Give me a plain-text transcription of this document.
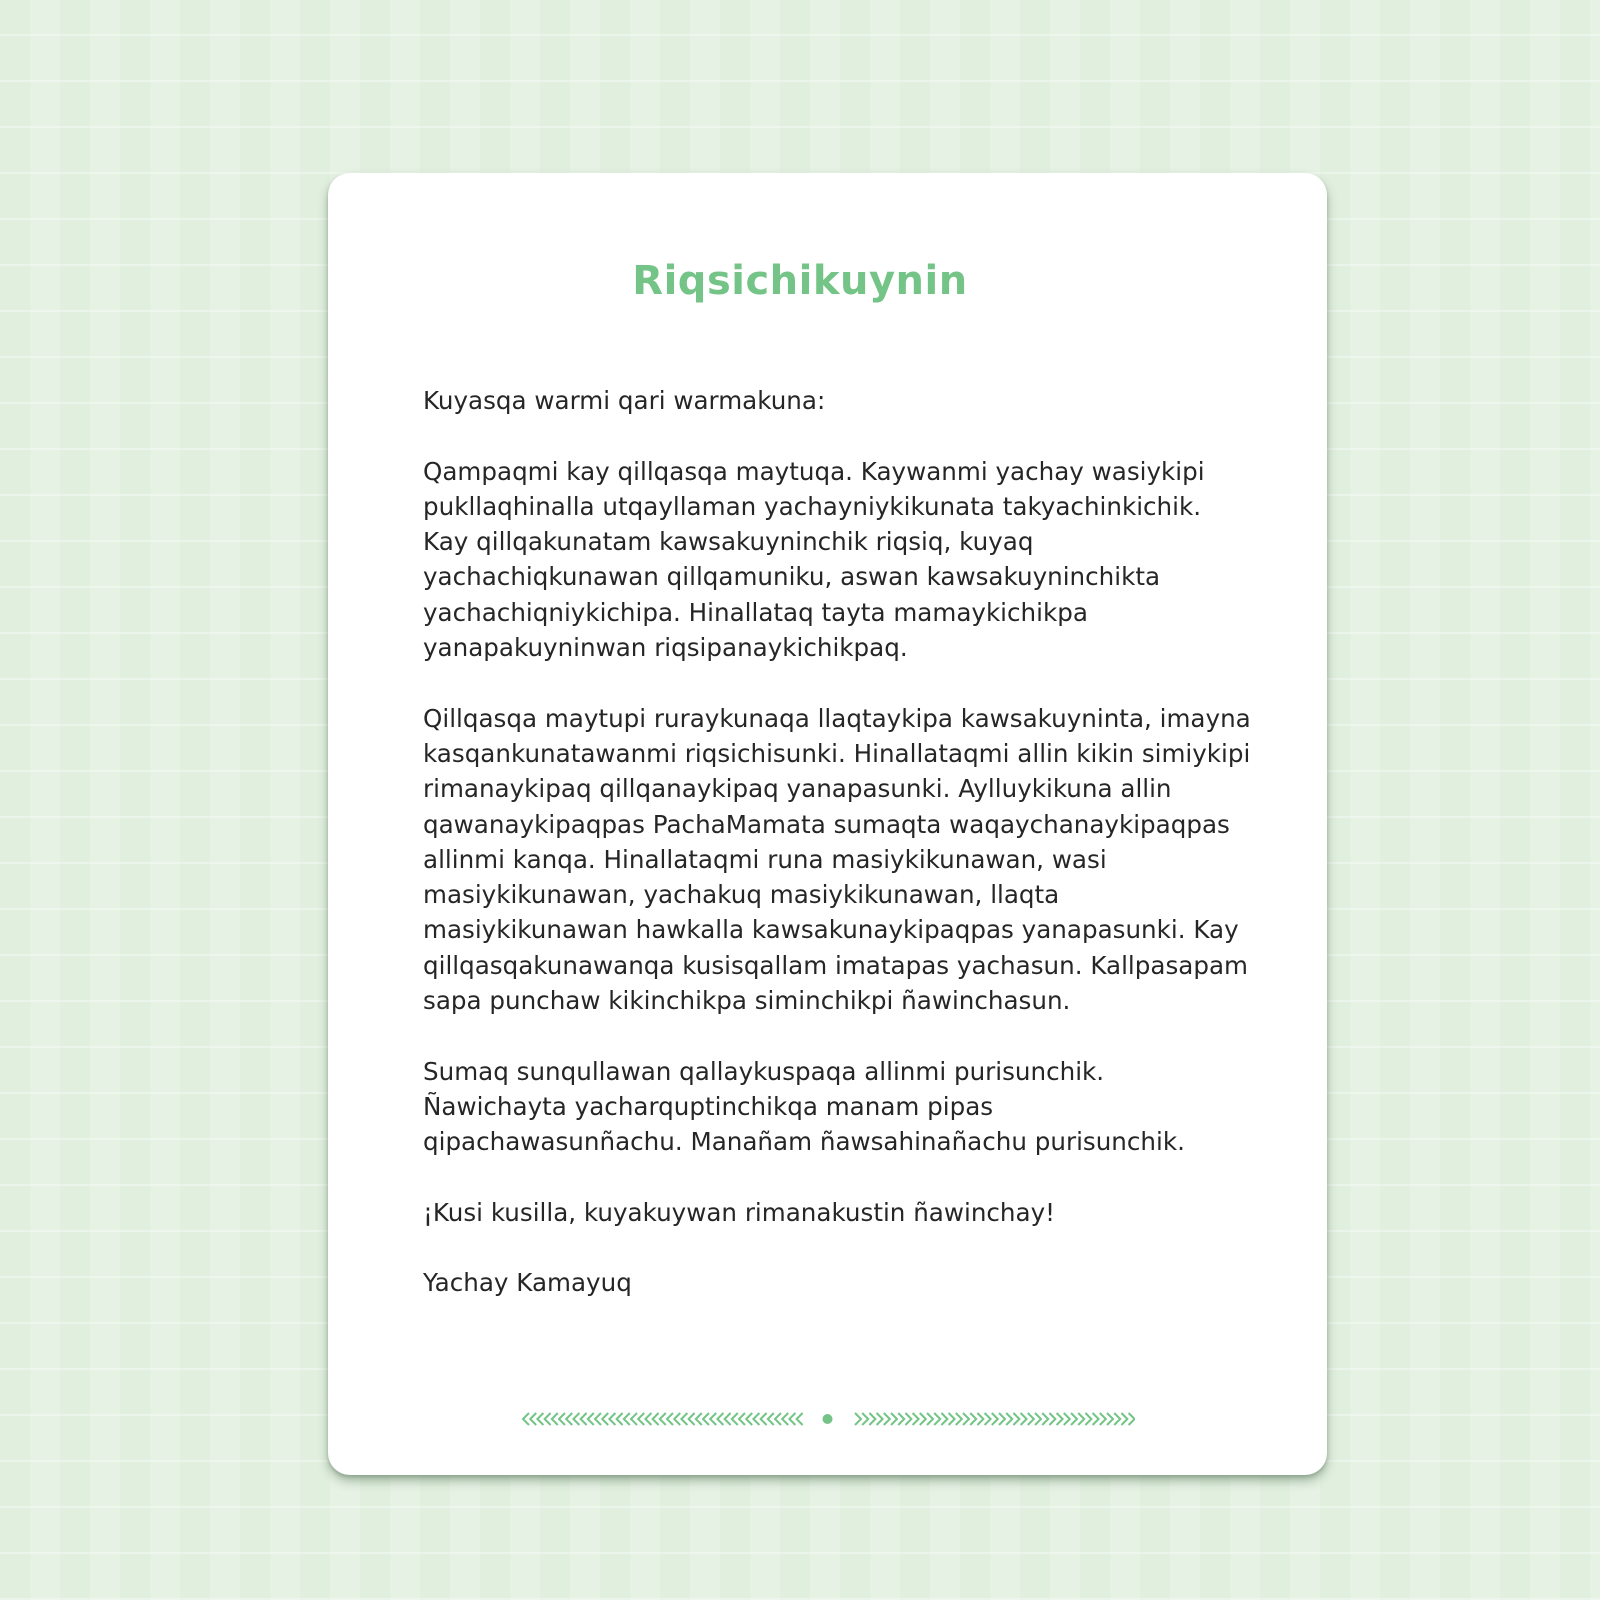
Riqsichikuynin

Kuyasqa warmi qari warmakuna:

Qampaqmi kay qillqasqa maytuqa. Kaywanmi yachay wasiykipi pukllaqhinalla utqayllaman yachayniykikunata takyachinkichik. Kay qillqakunatam kawsakuyninchik riqsiq, kuyaq yachachiqkunawan qillqamuniku, aswan kawsakuyninchikta yachachiqniykichipa. Hinallataq tayta mamaykichikpa yanapakuyninwan riqsipanaykichikpaq.

Qillqasqa maytupi ruraykunaqa llaqtaykipa kawsakuyninta, imayna kasqankunatawanmi riqsichisunki. Hinallataqmi allin kikin simiykipi rimanaykipaq qillqanaykipaq yanapasunki. Aylluykikuna allin qawanaykipaqpas PachaMamata sumaqta waqaychanaykipaqpas allinmi kanqa. Hinallataqmi runa masiykikunawan, wasi masiykikunawan, yachakuq masiykikunawan, llaqta masiykikunawan hawkalla kawsakunaykipaqpas yanapasunki. Kay qillqasqakunawanqa kusisqallam imatapas yachasun. Kallpasapam sapa punchaw kikinchikpa siminchikpi ñawinchasun.

Sumaq sunqullawan qallaykuspaqa allinmi purisunchik. Ñawichayta yacharquptinchikqa manam pipas qipachawasunñachu. Manañam ñawsahinañachu purisunchik.

¡Kusi kusilla, kuyakuywan rimanakustin ñawinchay!

Yachay Kamayuq
